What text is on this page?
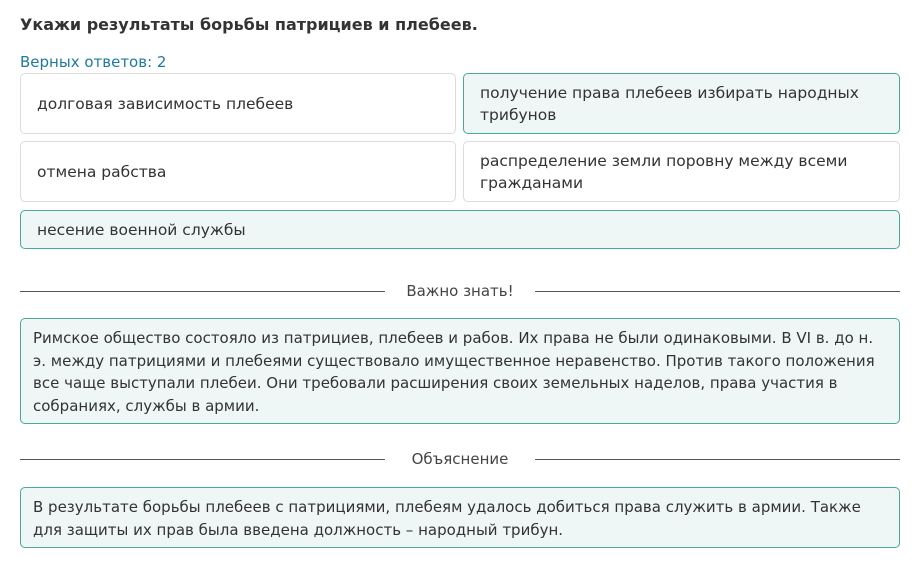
Укажи результаты борьбы патрициев и плебеев.
Верных ответов: 2
долговая зависимость плебеев
получение права плебеев избирать народных трибунов
отмена рабства
распределение земли поровну между всеми гражданами
несение военной службы
Важно знать!
Римское общество состояло из патрициев, плебеев и рабов. Их права не были одинаковыми. В VI в. до н. э. между патрициями и плебеями существовало имущественное неравенство. Против такого положения все чаще выступали плебеи. Они требовали расширения своих земельных наделов, права участия в собраниях, службы в армии.
Объяснение
В результате борьбы плебеев с патрициями, плебеям удалось добиться права служить в армии. Также для защиты их прав была введена должность – народный трибун.
